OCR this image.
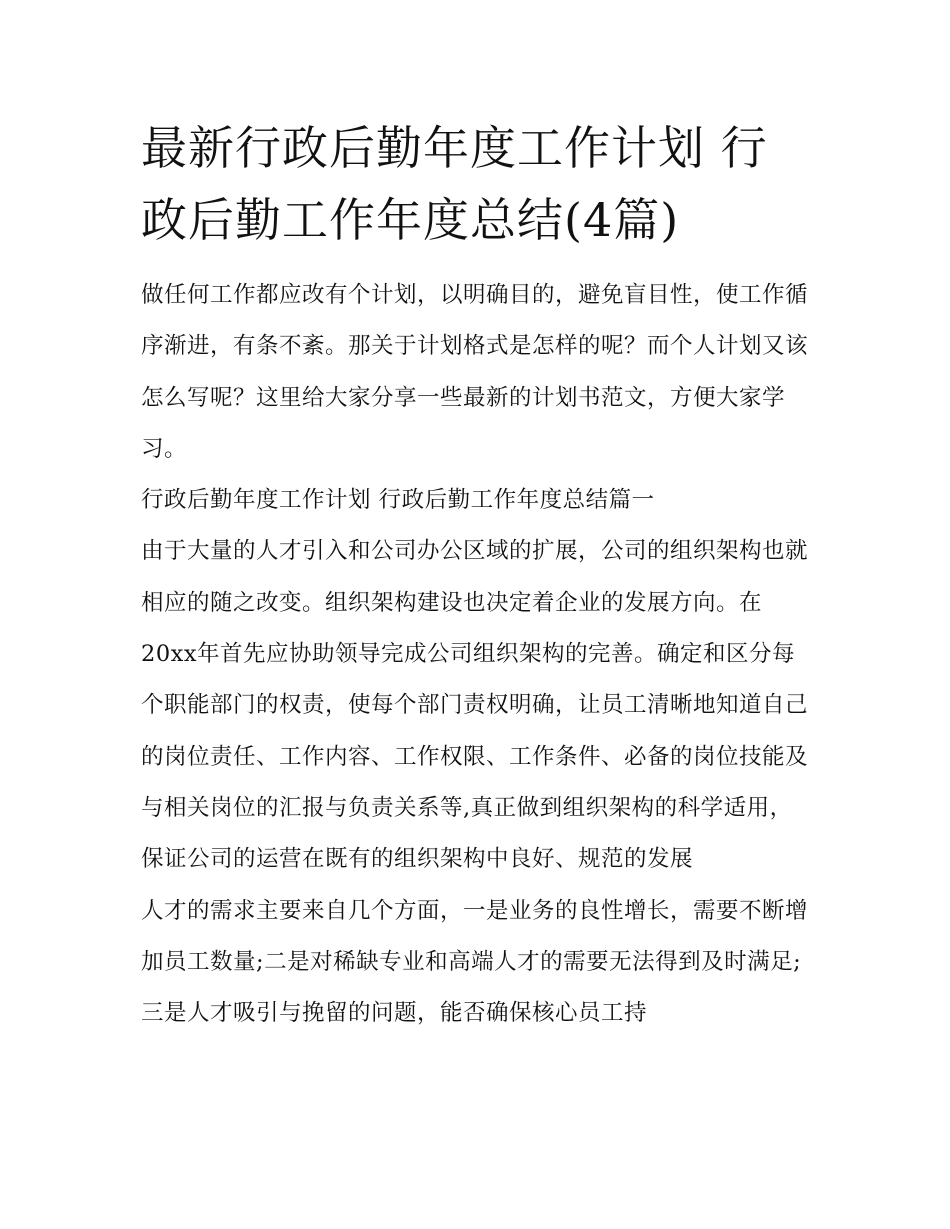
最新行政后勤年度工作计划 行政后勤工作年度总结(4篇)

做任何工作都应改有个计划，以明确目的，避免盲目性，使工作循序渐进，有条不紊。那关于计划格式是怎样的呢？而个人计划又该怎么写呢？这里给大家分享一些最新的计划书范文，方便大家学习。

行政后勤年度工作计划 行政后勤工作年度总结篇一

由于大量的人才引入和公司办公区域的扩展，公司的组织架构也就相应的随之改变。组织架构建设也决定着企业的发展方向。在20xx年首先应协助领导完成公司组织架构的完善。确定和区分每个职能部门的权责，使每个部门责权明确，让员工清晰地知道自己的岗位责任、工作内容、工作权限、工作条件、必备的岗位技能及与相关岗位的汇报与负责关系等,真正做到组织架构的科学适用，保证公司的运营在既有的组织架构中良好、规范的发展

人才的需求主要来自几个方面，一是业务的良性增长，需要不断增加员工数量;二是对稀缺专业和高端人才的需要无法得到及时满足;三是人才吸引与挽留的问题，能否确保核心员工持
